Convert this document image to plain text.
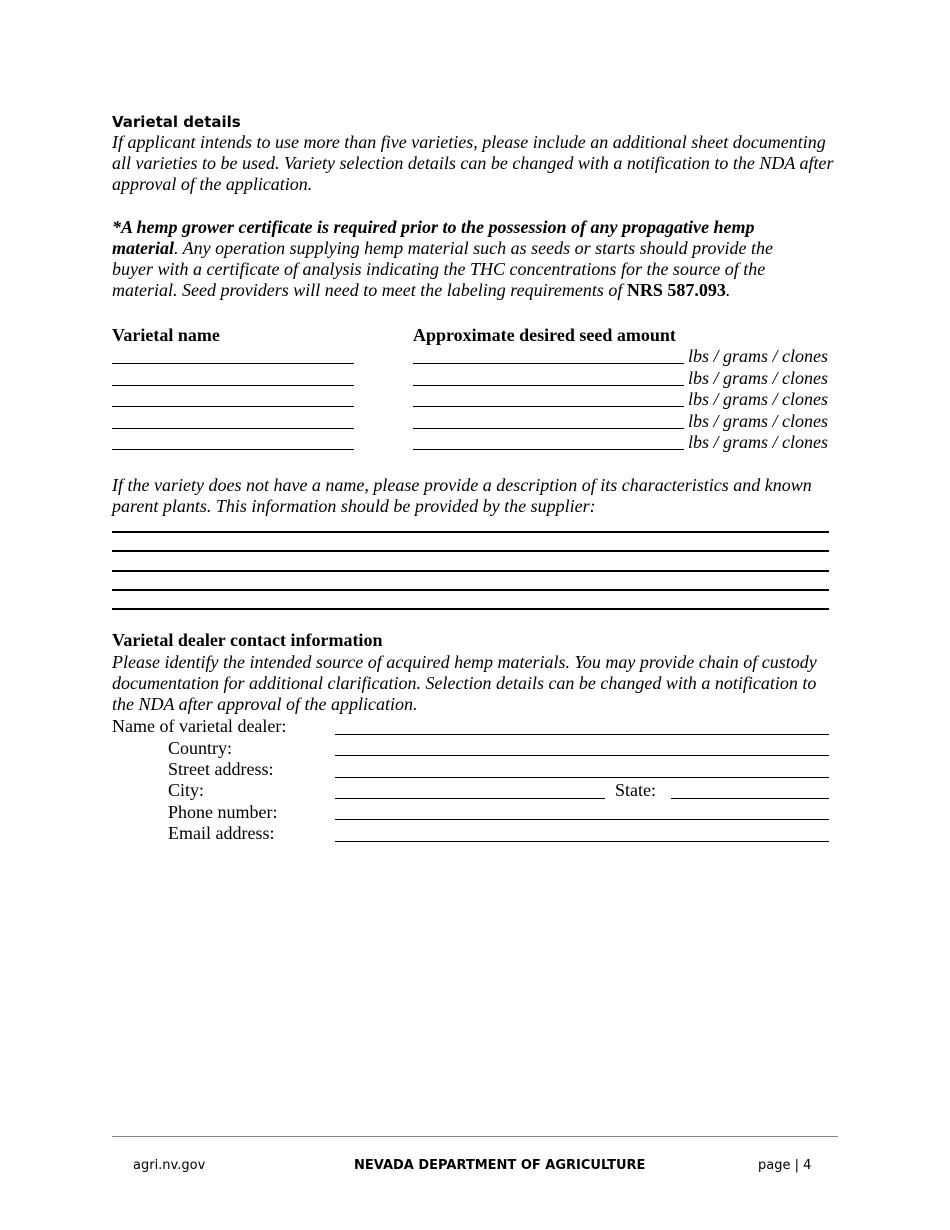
Varietal details
If applicant intends to use more than five varieties, please include an additional sheet documenting all varieties to be used. Variety selection details can be changed with a notification to the NDA after approval of the application.
*A hemp grower certificate is required prior to the possession of any propagative hemp material. Any operation supplying hemp material such as seeds or starts should provide the buyer with a certificate of analysis indicating the THC concentrations for the source of the material. Seed providers will need to meet the labeling requirements of NRS 587.093.
Varietal name	Approximate desired seed amount
lbs / grams / clones
lbs / grams / clones
lbs / grams / clones
lbs / grams / clones
lbs / grams / clones
If the variety does not have a name, please provide a description of its characteristics and known parent plants. This information should be provided by the supplier:
Varietal dealer contact information
Please identify the intended source of acquired hemp materials. You may provide chain of custody documentation for additional clarification. Selection details can be changed with a notification to the NDA after approval of the application.
Name of varietal dealer:
Country:
Street address:
City:	State:
Phone number:
Email address:
agri.nv.gov	NEVADA DEPARTMENT OF AGRICULTURE	page | 4
